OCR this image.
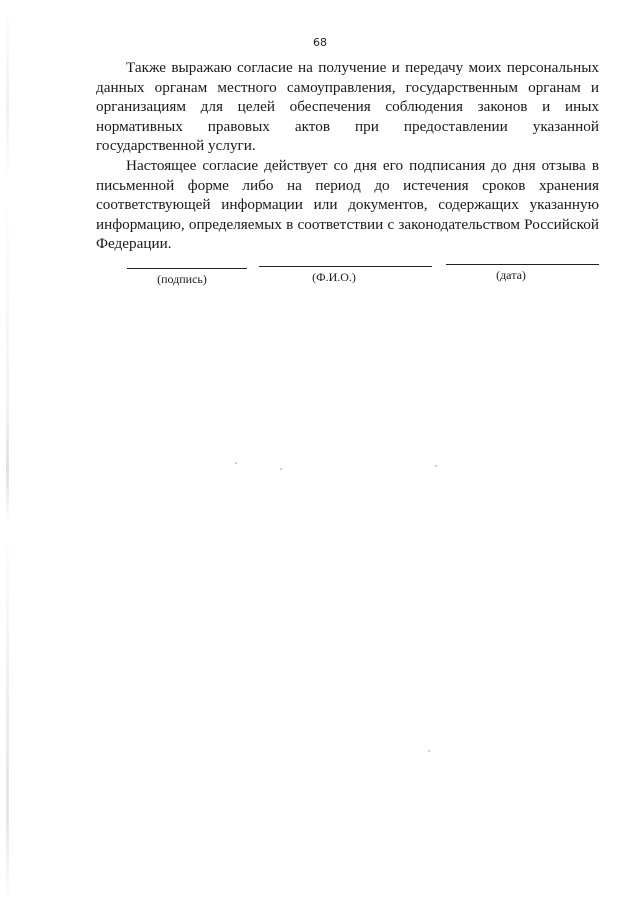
68

Также выражаю согласие на получение и передачу моих персональных данных органам местного самоуправления, государственным органам и организациям для целей обеспечения соблюдения законов и иных нормативных правовых актов при предоставлении указанной государственной услуги.

Настоящее согласие действует со дня его подписания до дня отзыва в письменной форме либо на период до истечения сроков хранения соответствующей информации или документов, содержащих указанную информацию, определяемых в соответствии с законодательством Российской Федерации.

(подпись)	(Ф.И.О.)	(дата)
